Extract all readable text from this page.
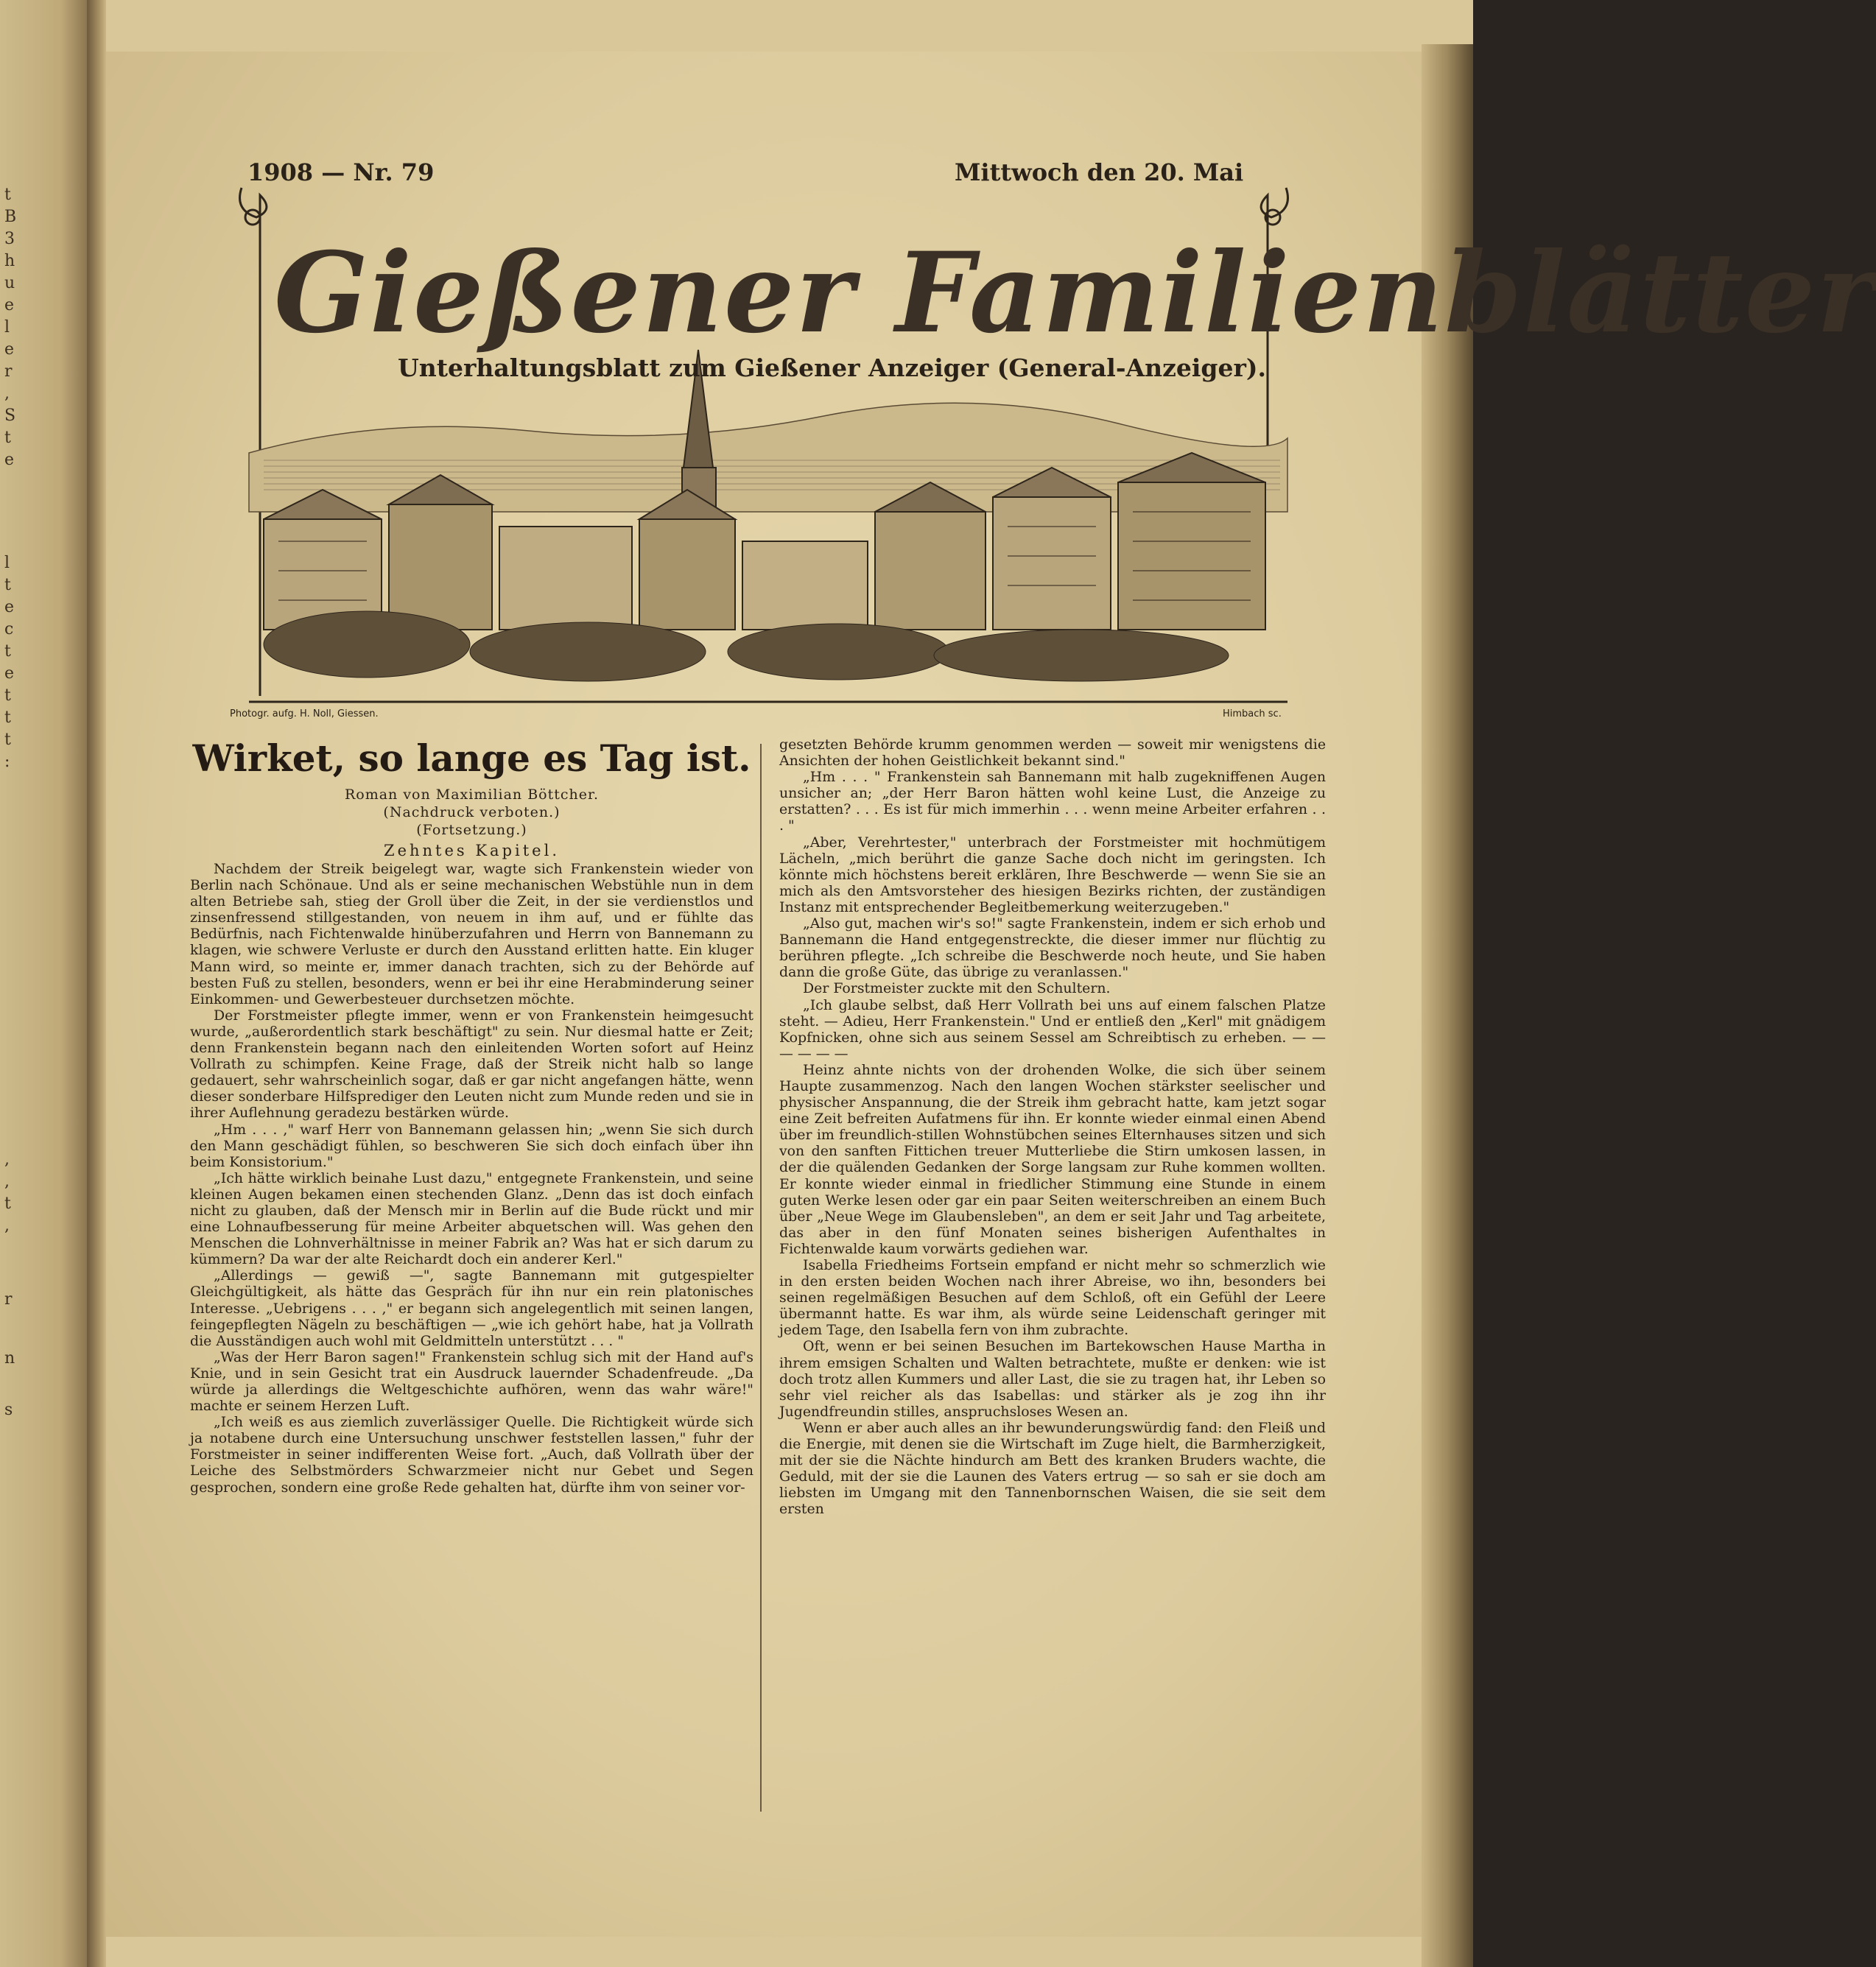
t
B
3
h
u
e
l
e
r
,
S
t
e
l
t
e
c
t
e
t
t
t
:
,
,
t
,
r
n
s
1908 — Nr. 79	Mittwoch den 20. Mai
Gießener Familienblätter
Unterhaltungsblatt zum Gießener Anzeiger (General-Anzeiger).
Photogr. aufg. H. Noll, Giessen.	Himbach sc.
Wirket, so lange es Tag ist.
Roman von Maximilian Böttcher.
(Nachdruck verboten.)
(Fortsetzung.)
Zehntes Kapitel.

Nachdem der Streik beigelegt war, wagte sich Frankenstein wieder von Berlin nach Schönaue. Und als er seine mechanischen Webstühle nun in dem alten Betriebe sah, stieg der Groll über die Zeit, in der sie verdienstlos und zinsenfressend stillgestanden, von neuem in ihm auf, und er fühlte das Bedürfnis, nach Fichtenwalde hinüberzufahren und Herrn von Bannemann zu klagen, wie schwere Verluste er durch den Ausstand erlitten hatte. Ein kluger Mann wird, so meinte er, immer danach trachten, sich zu der Behörde auf besten Fuß zu stellen, besonders, wenn er bei ihr eine Herabminderung seiner Einkommen- und Gewerbesteuer durchsetzen möchte.

Der Forstmeister pflegte immer, wenn er von Frankenstein heimgesucht wurde, „außerordentlich stark beschäftigt" zu sein. Nur diesmal hatte er Zeit; denn Frankenstein begann nach den einleitenden Worten sofort auf Heinz Vollrath zu schimpfen. Keine Frage, daß der Streik nicht halb so lange gedauert, sehr wahrscheinlich sogar, daß er gar nicht angefangen hätte, wenn dieser sonderbare Hilfsprediger den Leuten nicht zum Munde reden und sie in ihrer Auflehnung geradezu bestärken würde.

„Hm . . . ," warf Herr von Bannemann gelassen hin; „wenn Sie sich durch den Mann geschädigt fühlen, so beschweren Sie sich doch einfach über ihn beim Konsistorium."

„Ich hätte wirklich beinahe Lust dazu," entgegnete Frankenstein, und seine kleinen Augen bekamen einen stechenden Glanz. „Denn das ist doch einfach nicht zu glauben, daß der Mensch mir in Berlin auf die Bude rückt und mir eine Lohnaufbesserung für meine Arbeiter abquetschen will. Was gehen den Menschen die Lohnverhältnisse in meiner Fabrik an? Was hat er sich darum zu kümmern? Da war der alte Reichardt doch ein anderer Kerl."

„Allerdings — gewiß —", sagte Bannemann mit gutgespielter Gleichgültigkeit, als hätte das Gespräch für ihn nur ein rein platonisches Interesse. „Uebrigens . . . ," er begann sich angelegentlich mit seinen langen, feingepflegten Nägeln zu beschäftigen — „wie ich gehört habe, hat ja Vollrath die Ausständigen auch wohl mit Geldmitteln unterstützt . . . "

„Was der Herr Baron sagen!" Frankenstein schlug sich mit der Hand auf's Knie, und in sein Gesicht trat ein Ausdruck lauernder Schadenfreude. „Da würde ja allerdings die Weltgeschichte aufhören, wenn das wahr wäre!" machte er seinem Herzen Luft.

„Ich weiß es aus ziemlich zuverlässiger Quelle. Die Richtigkeit würde sich ja notabene durch eine Untersuchung unschwer feststellen lassen," fuhr der Forstmeister in seiner indifferenten Weise fort. „Auch, daß Vollrath über der Leiche des Selbstmörders Schwarzmeier nicht nur Gebet und Segen gesprochen, sondern eine große Rede gehalten hat, dürfte ihm von seiner vor-

gesetzten Behörde krumm genommen werden — soweit mir wenigstens die Ansichten der hohen Geistlichkeit bekannt sind."

„Hm . . . " Frankenstein sah Bannemann mit halb zugekniffenen Augen unsicher an; „der Herr Baron hätten wohl keine Lust, die Anzeige zu erstatten? . . . Es ist für mich immerhin . . . wenn meine Arbeiter erfahren . . . "

„Aber, Verehrtester," unterbrach der Forstmeister mit hochmütigem Lächeln, „mich berührt die ganze Sache doch nicht im geringsten. Ich könnte mich höchstens bereit erklären, Ihre Beschwerde — wenn Sie sie an mich als den Amtsvorsteher des hiesigen Bezirks richten, der zuständigen Instanz mit entsprechender Begleitbemerkung weiterzugeben."

„Also gut, machen wir's so!" sagte Frankenstein, indem er sich erhob und Bannemann die Hand entgegenstreckte, die dieser immer nur flüchtig zu berühren pflegte. „Ich schreibe die Beschwerde noch heute, und Sie haben dann die große Güte, das übrige zu veranlassen."

Der Forstmeister zuckte mit den Schultern.

„Ich glaube selbst, daß Herr Vollrath bei uns auf einem falschen Platze steht. — Adieu, Herr Frankenstein." Und er entließ den „Kerl" mit gnädigem Kopfnicken, ohne sich aus seinem Sessel am Schreibtisch zu erheben. — — — — — —

Heinz ahnte nichts von der drohenden Wolke, die sich über seinem Haupte zusammenzog. Nach den langen Wochen stärkster seelischer und physischer Anspannung, die der Streik ihm gebracht hatte, kam jetzt sogar eine Zeit befreiten Aufatmens für ihn. Er konnte wieder einmal einen Abend über im freundlich-stillen Wohnstübchen seines Elternhauses sitzen und sich von den sanften Fittichen treuer Mutterliebe die Stirn umkosen lassen, in der die quälenden Gedanken der Sorge langsam zur Ruhe kommen wollten. Er konnte wieder einmal in friedlicher Stimmung eine Stunde in einem guten Werke lesen oder gar ein paar Seiten weiterschreiben an einem Buch über „Neue Wege im Glaubensleben", an dem er seit Jahr und Tag arbeitete, das aber in den fünf Monaten seines bisherigen Aufenthaltes in Fichtenwalde kaum vorwärts gediehen war.

Isabella Friedheims Fortsein empfand er nicht mehr so schmerzlich wie in den ersten beiden Wochen nach ihrer Abreise, wo ihn, besonders bei seinen regelmäßigen Besuchen auf dem Schloß, oft ein Gefühl der Leere übermannt hatte. Es war ihm, als würde seine Leidenschaft geringer mit jedem Tage, den Isabella fern von ihm zubrachte.

Oft, wenn er bei seinen Besuchen im Bartekowschen Hause Martha in ihrem emsigen Schalten und Walten betrachtete, mußte er denken: wie ist doch trotz allen Kummers und aller Last, die sie zu tragen hat, ihr Leben so sehr viel reicher als das Isabellas: und stärker als je zog ihn ihr Jugendfreundin stilles, anspruchsloses Wesen an.

Wenn er aber auch alles an ihr bewunderungswürdig fand: den Fleiß und die Energie, mit denen sie die Wirtschaft im Zuge hielt, die Barmherzigkeit, mit der sie die Nächte hindurch am Bett des kranken Bruders wachte, die Geduld, mit der sie die Launen des Vaters ertrug — so sah er sie doch am liebsten im Umgang mit den Tannenbornschen Waisen, die sie seit dem ersten
